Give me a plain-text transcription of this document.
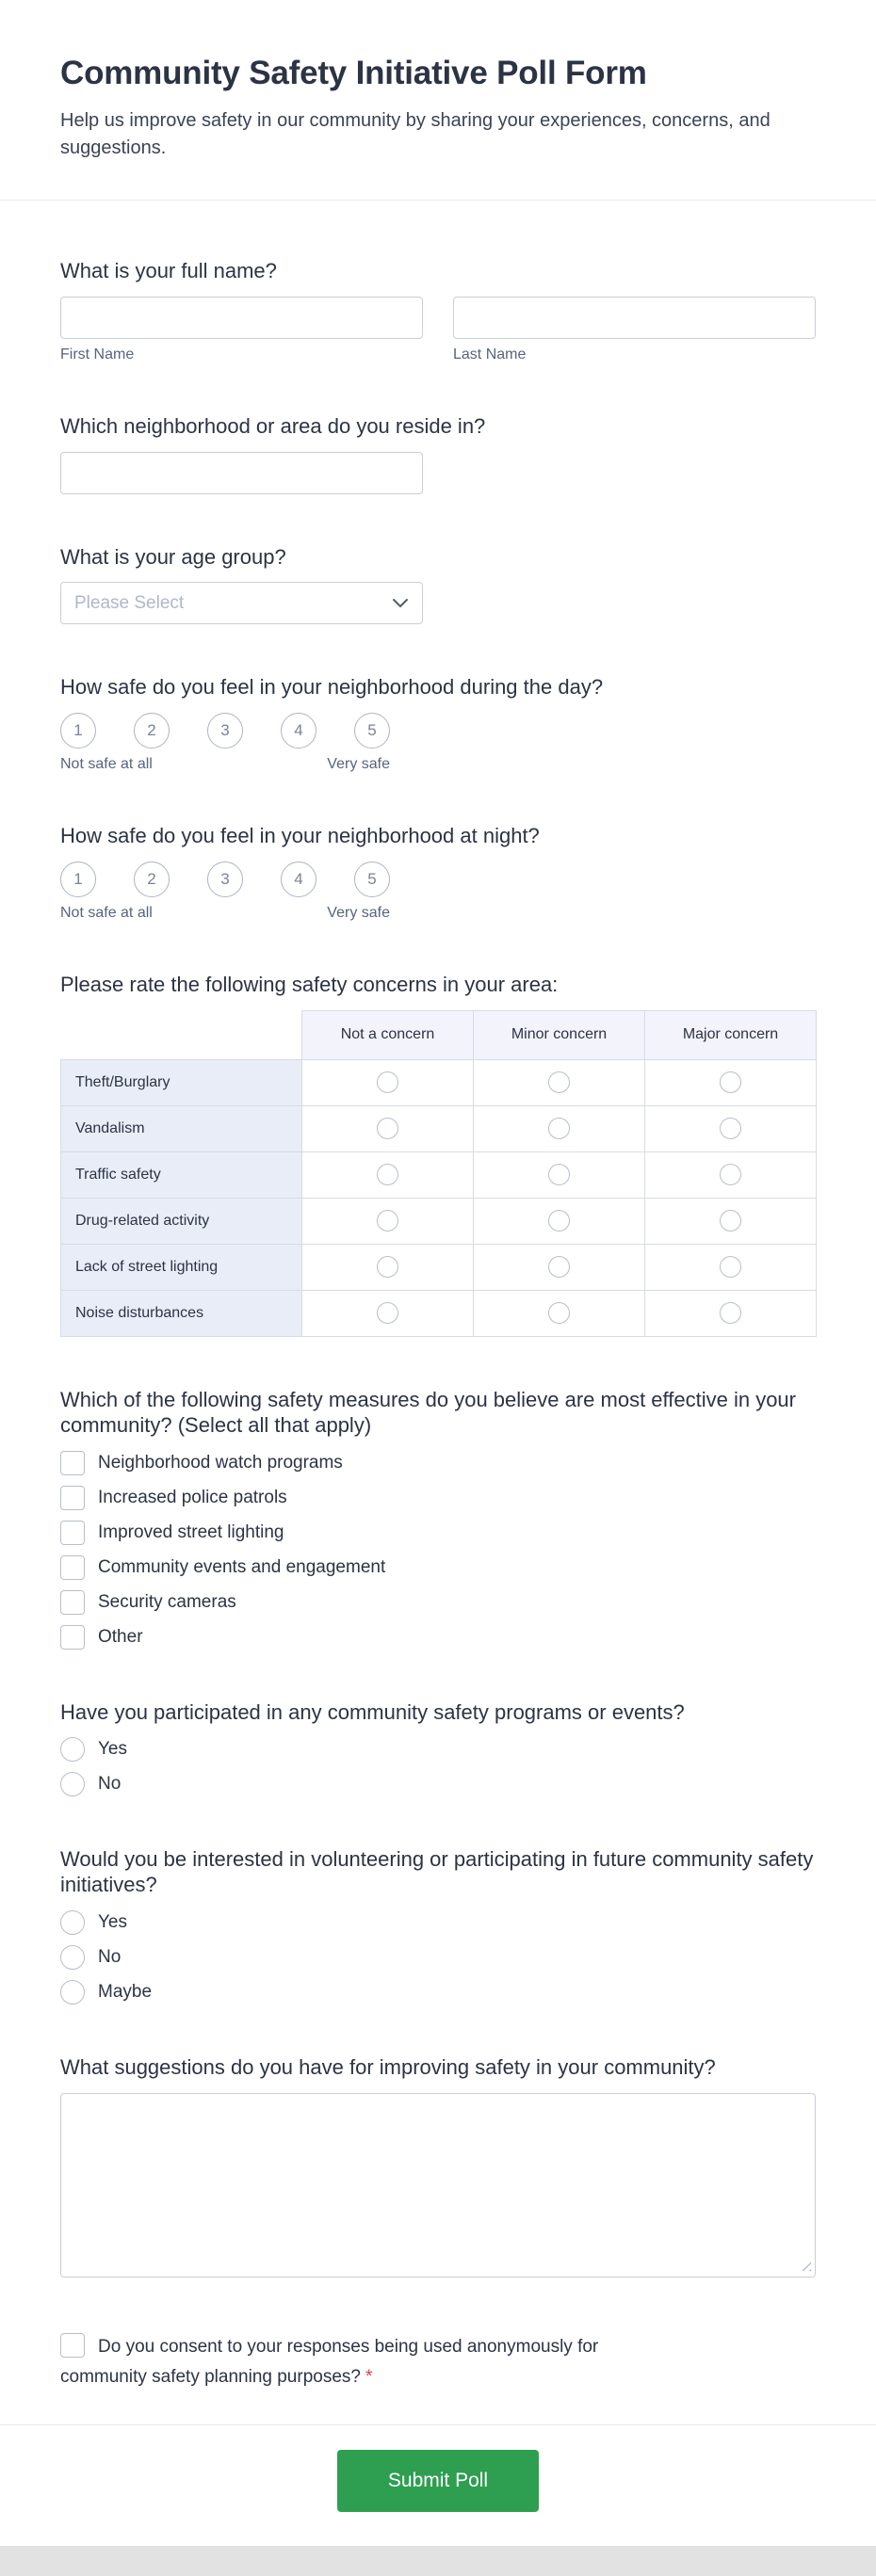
Community Safety Initiative Poll Form

Help us improve safety in our community by sharing your experiences, concerns, and suggestions.

What is your full name?
First Name	Last Name
Which neighborhood or area do you reside in?
What is your age group?
Please Select
How safe do you feel in your neighborhood during the day?
1	2	3	4	5
Not safe at all	Very safe
How safe do you feel in your neighborhood at night?
1	2	3	4	5
Not safe at all	Very safe
Please rate the following safety concerns in your area:
	Not a concern	Minor concern	Major concern
Theft/Burglary			
Vandalism			
Traffic safety			
Drug-related activity			
Lack of street lighting			
Noise disturbances			
Which of the following safety measures do you believe are most effective in your community? (Select all that apply)
Neighborhood watch programs
Increased police patrols
Improved street lighting
Community events and engagement
Security cameras
Other
Have you participated in any community safety programs or events?
Yes
No
Would you be interested in volunteering or participating in future community safety initiatives?
Yes
No
Maybe
What suggestions do you have for improving safety in your community?
Do you consent to your responses being used anonymously for community safety planning purposes? *
Submit Poll
